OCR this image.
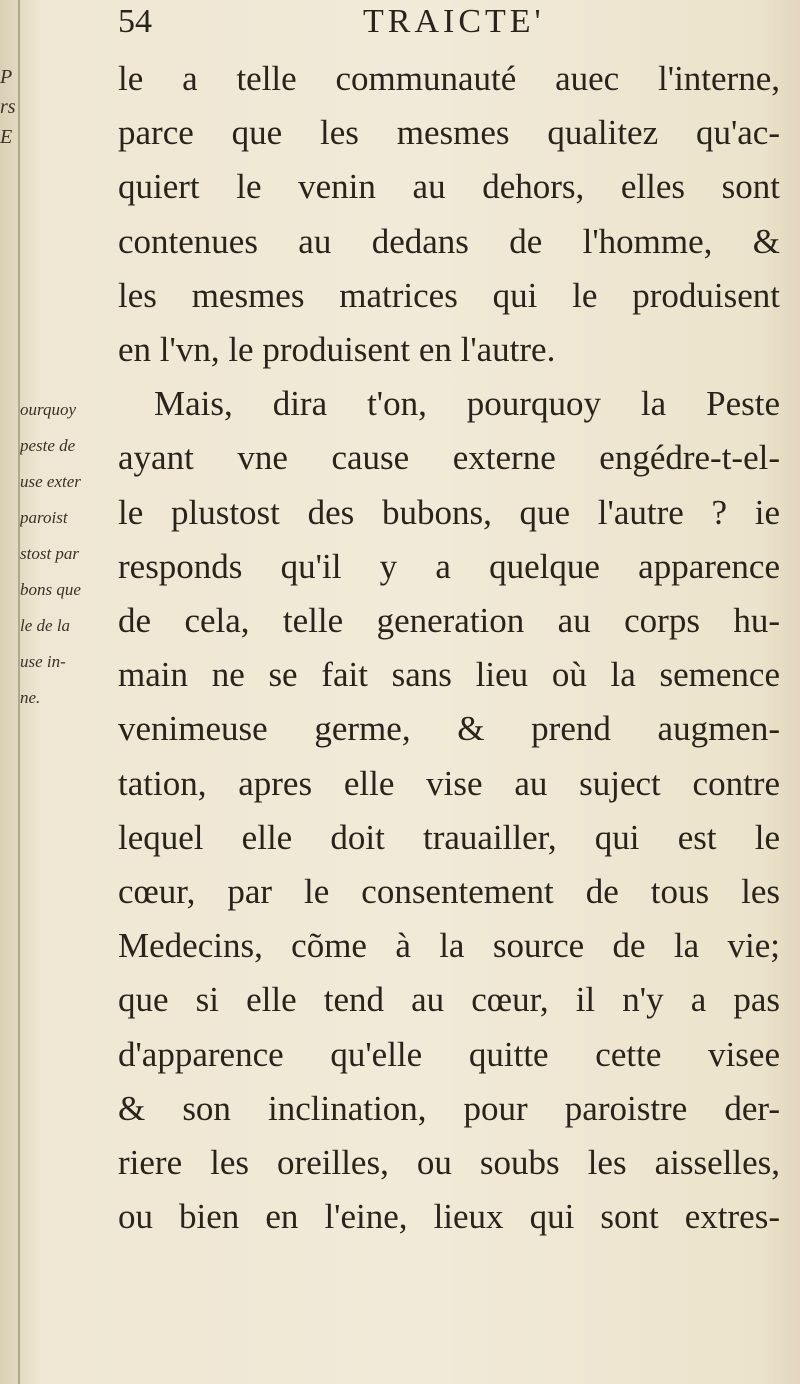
54	TRAICTE'
P
rs
E
ourquoy
peste de
use exter
paroist
stost par
bons que
le de la
use in-
ne.
le a telle communauté auec l'interne,
parce que les mesmes qualitez qu'ac-
quiert le venin au dehors, elles sont
contenues au dedans de l'homme, &
les mesmes matrices qui le produisent
en l'vn, le produisent en l'autre.
Mais, dira t'on, pourquoy la Peste
ayant vne cause externe engédre-t-el-
le plustost des bubons, que l'autre ? ie
responds qu'il y a quelque apparence
de cela, telle generation au corps hu-
main ne se fait sans lieu où la semence
venimeuse germe, & prend augmen-
tation, apres elle vise au suject contre
lequel elle doit trauailler, qui est le
cœur, par le consentement de tous les
Medecins, cõme à la source de la vie;
que si elle tend au cœur, il n'y a pas
d'apparence qu'elle quitte cette visee
& son inclination, pour paroistre der-
riere les oreilles, ou soubs les aisselles,
ou bien en l'eine, lieux qui sont extres-
